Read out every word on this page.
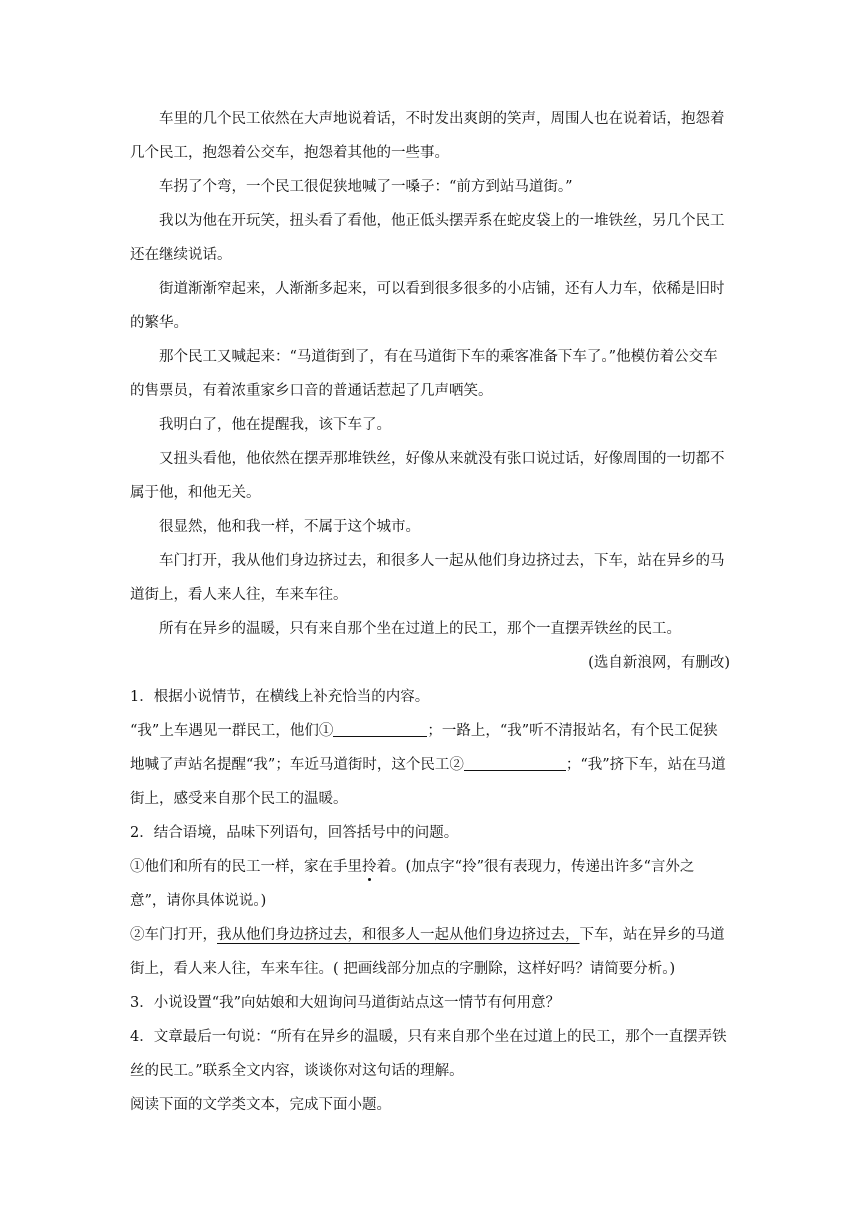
车里的几个民工依然在大声地说着话，不时发出爽朗的笑声，周围人也在说着话，抱怨着几个民工，抱怨着公交车，抱怨着其他的一些事。

车拐了个弯，一个民工很促狭地喊了一嗓子：“前方到站马道街。”

我以为他在开玩笑，扭头看了看他，他正低头摆弄系在蛇皮袋上的一堆铁丝，另几个民工还在继续说话。

街道渐渐窄起来，人渐渐多起来，可以看到很多很多的小店铺，还有人力车，依稀是旧时的繁华。

那个民工又喊起来：“马道街到了，有在马道街下车的乘客准备下车了。”他模仿着公交车的售票员，有着浓重家乡口音的普通话惹起了几声哂笑。

我明白了，他在提醒我，该下车了。

又扭头看他，他依然在摆弄那堆铁丝，好像从来就没有张口说过话，好像周围的一切都不属于他，和他无关。

很显然，他和我一样，不属于这个城市。

车门打开，我从他们身边挤过去，和很多人一起从他们身边挤过去，下车，站在异乡的马道街上，看人来人往，车来车往。

所有在异乡的温暖，只有来自那个坐在过道上的民工，那个一直摆弄铁丝的民工。

(选自新浪网，有删改)

1．根据小说情节，在横线上补充恰当的内容。

“我”上车遇见一群民工，他们①	；一路上，“我”听不清报站名，有个民工促狭地喊了声站名提醒“我”；车近马道街时，这个民工②	；“我”挤下车，站在马道街上，感受来自那个民工的温暖。

2．结合语境，品味下列语句，回答括号中的问题。

①他们和所有的民工一样，家在手里拎着。(加点字“拎”很有表现力，传递出许多“言外之意”，请你具体说说。)

②车门打开，我从他们身边挤过去，和很多人一起从他们身边挤过去，下车，站在异乡的马道街上，看人来人往，车来车往。( 把画线部分加点的字删除，这样好吗？请简要分析。)

3．小说设置“我”向姑娘和大妞询问马道街站点这一情节有何用意？

4．文章最后一句说：“所有在异乡的温暖，只有来自那个坐在过道上的民工，那个一直摆弄铁丝的民工。”联系全文内容，谈谈你对这句话的理解。

阅读下面的文学类文本，完成下面小题。
